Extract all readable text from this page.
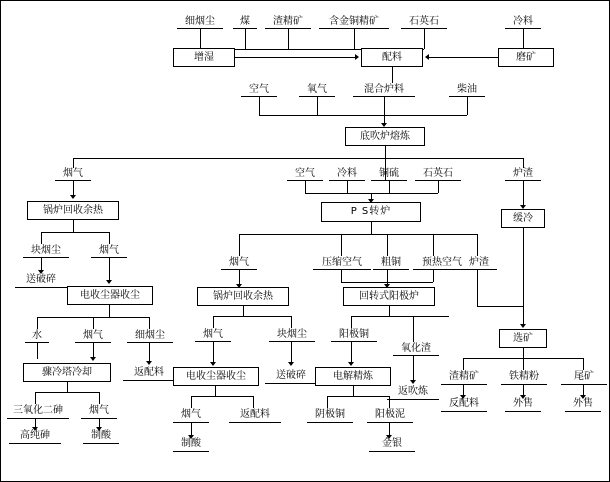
细烟尘	煤	渣精矿	含金铜精矿	石英石	冷料
增湿	配料	磨矿
空气	氧气	混合炉料	柴油
底吹炉熔炼
烟气	炉渣
锅炉回收余热
空气	冷料	铜硫	石英石
P S转炉
缓冷
块烟尘	烟气
送破碎
电收尘器收尘
水	烟气	细烟尘
骤冷塔冷却	返配料
三氧化二砷	烟气
高纯砷	制酸
烟气	压缩空气	粗铜	预热空气 炉渣
锅炉回收余热	回转式阳极炉
选矿
烟气	块烟尘
电收尘器收尘	送破碎
烟气	返配料
制酸
阳极铜
氧化渣
电解精炼
返吹炼
阴极铜	阳极泥
金银
渣精矿	铁精粉	尾矿
反配料	外售	外售
